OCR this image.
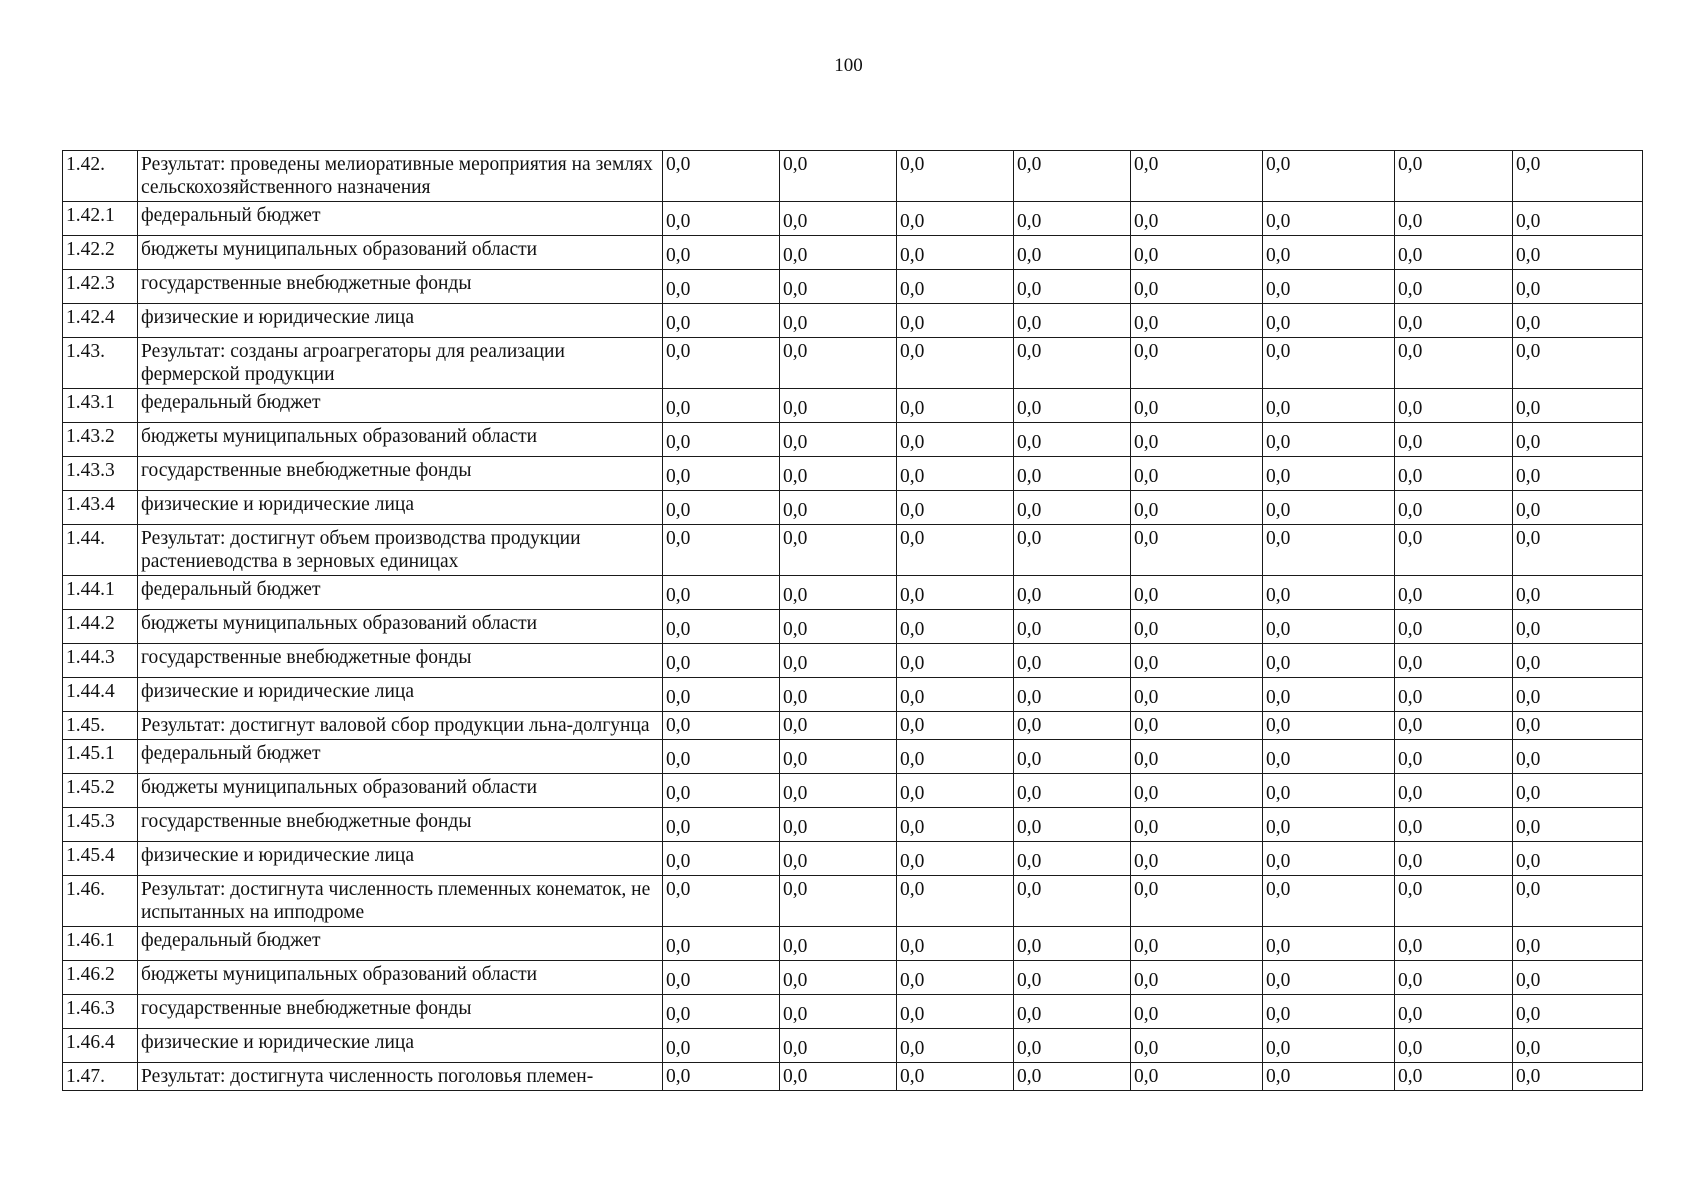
100
1.42.	Результат: проведены мелиоративные мероприятия на землях сельскохозяйственного назначения	0,0	0,0	0,0	0,0	0,0	0,0	0,0	0,0
1.42.1	федеральный бюджет	0,0	0,0	0,0	0,0	0,0	0,0	0,0	0,0
1.42.2	бюджеты муниципальных образований области	0,0	0,0	0,0	0,0	0,0	0,0	0,0	0,0
1.42.3	государственные внебюджетные фонды	0,0	0,0	0,0	0,0	0,0	0,0	0,0	0,0
1.42.4	физические и юридические лица	0,0	0,0	0,0	0,0	0,0	0,0	0,0	0,0
1.43.	Результат: созданы агроагрегаторы для реализации фермерской продукции	0,0	0,0	0,0	0,0	0,0	0,0	0,0	0,0
1.43.1	федеральный бюджет	0,0	0,0	0,0	0,0	0,0	0,0	0,0	0,0
1.43.2	бюджеты муниципальных образований области	0,0	0,0	0,0	0,0	0,0	0,0	0,0	0,0
1.43.3	государственные внебюджетные фонды	0,0	0,0	0,0	0,0	0,0	0,0	0,0	0,0
1.43.4	физические и юридические лица	0,0	0,0	0,0	0,0	0,0	0,0	0,0	0,0
1.44.	Результат: достигнут объем производства продукции растениеводства в зерновых единицах	0,0	0,0	0,0	0,0	0,0	0,0	0,0	0,0
1.44.1	федеральный бюджет	0,0	0,0	0,0	0,0	0,0	0,0	0,0	0,0
1.44.2	бюджеты муниципальных образований области	0,0	0,0	0,0	0,0	0,0	0,0	0,0	0,0
1.44.3	государственные внебюджетные фонды	0,0	0,0	0,0	0,0	0,0	0,0	0,0	0,0
1.44.4	физические и юридические лица	0,0	0,0	0,0	0,0	0,0	0,0	0,0	0,0
1.45.	Результат: достигнут валовой сбор продукции льна-долгунца	0,0	0,0	0,0	0,0	0,0	0,0	0,0	0,0
1.45.1	федеральный бюджет	0,0	0,0	0,0	0,0	0,0	0,0	0,0	0,0
1.45.2	бюджеты муниципальных образований области	0,0	0,0	0,0	0,0	0,0	0,0	0,0	0,0
1.45.3	государственные внебюджетные фонды	0,0	0,0	0,0	0,0	0,0	0,0	0,0	0,0
1.45.4	физические и юридические лица	0,0	0,0	0,0	0,0	0,0	0,0	0,0	0,0
1.46.	Результат: достигнута численность племенных конематок, не испытанных на ипподроме	0,0	0,0	0,0	0,0	0,0	0,0	0,0	0,0
1.46.1	федеральный бюджет	0,0	0,0	0,0	0,0	0,0	0,0	0,0	0,0
1.46.2	бюджеты муниципальных образований области	0,0	0,0	0,0	0,0	0,0	0,0	0,0	0,0
1.46.3	государственные внебюджетные фонды	0,0	0,0	0,0	0,0	0,0	0,0	0,0	0,0
1.46.4	физические и юридические лица	0,0	0,0	0,0	0,0	0,0	0,0	0,0	0,0
1.47.	Результат: достигнута численность поголовья племен-	0,0	0,0	0,0	0,0	0,0	0,0	0,0	0,0
